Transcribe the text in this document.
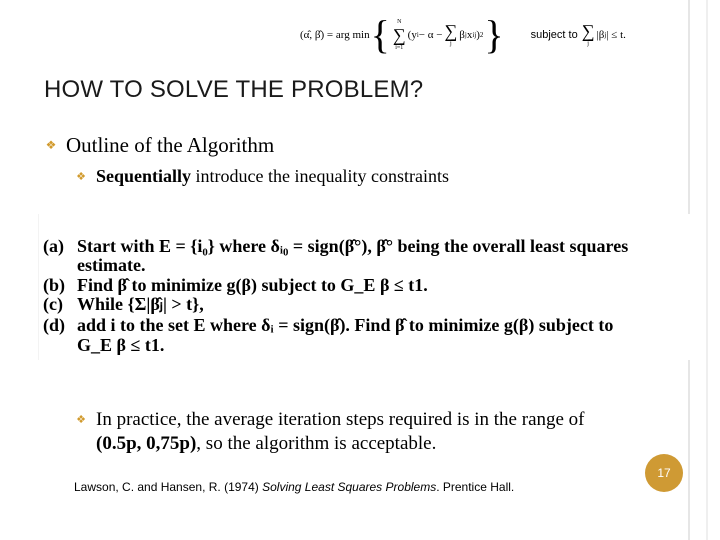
(α̂, β̂) = arg min { N
∑
i=1
(y i − α − ∑
j
β j x ij ) 2 } subject to ∑
j
|β j | ≤ t.
HOW TO SOLVE THE PROBLEM?
❖ Outline of the Algorithm
❖ Sequentially introduce the inequality constraints
(a) Start with E = {i₀} where δᵢ₀ = sign(β̂°), β̂° being the overall least squares
estimate.
(b) Find β̂ to minimize g(β) subject to G_E β ≤ t1.
(c) While {Σ|β̂ⱼ| > t},
(d) add i to the set E where δᵢ = sign(β̂). Find β̂ to minimize g(β) subject to
G_E β ≤ t1.
❖ In practice, the average iteration steps required is in the range of
(0.5p, 0,75p), so the algorithm is acceptable.
Lawson, C. and Hansen, R. (1974) Solving Least Squares Problems. Prentice Hall.
17
